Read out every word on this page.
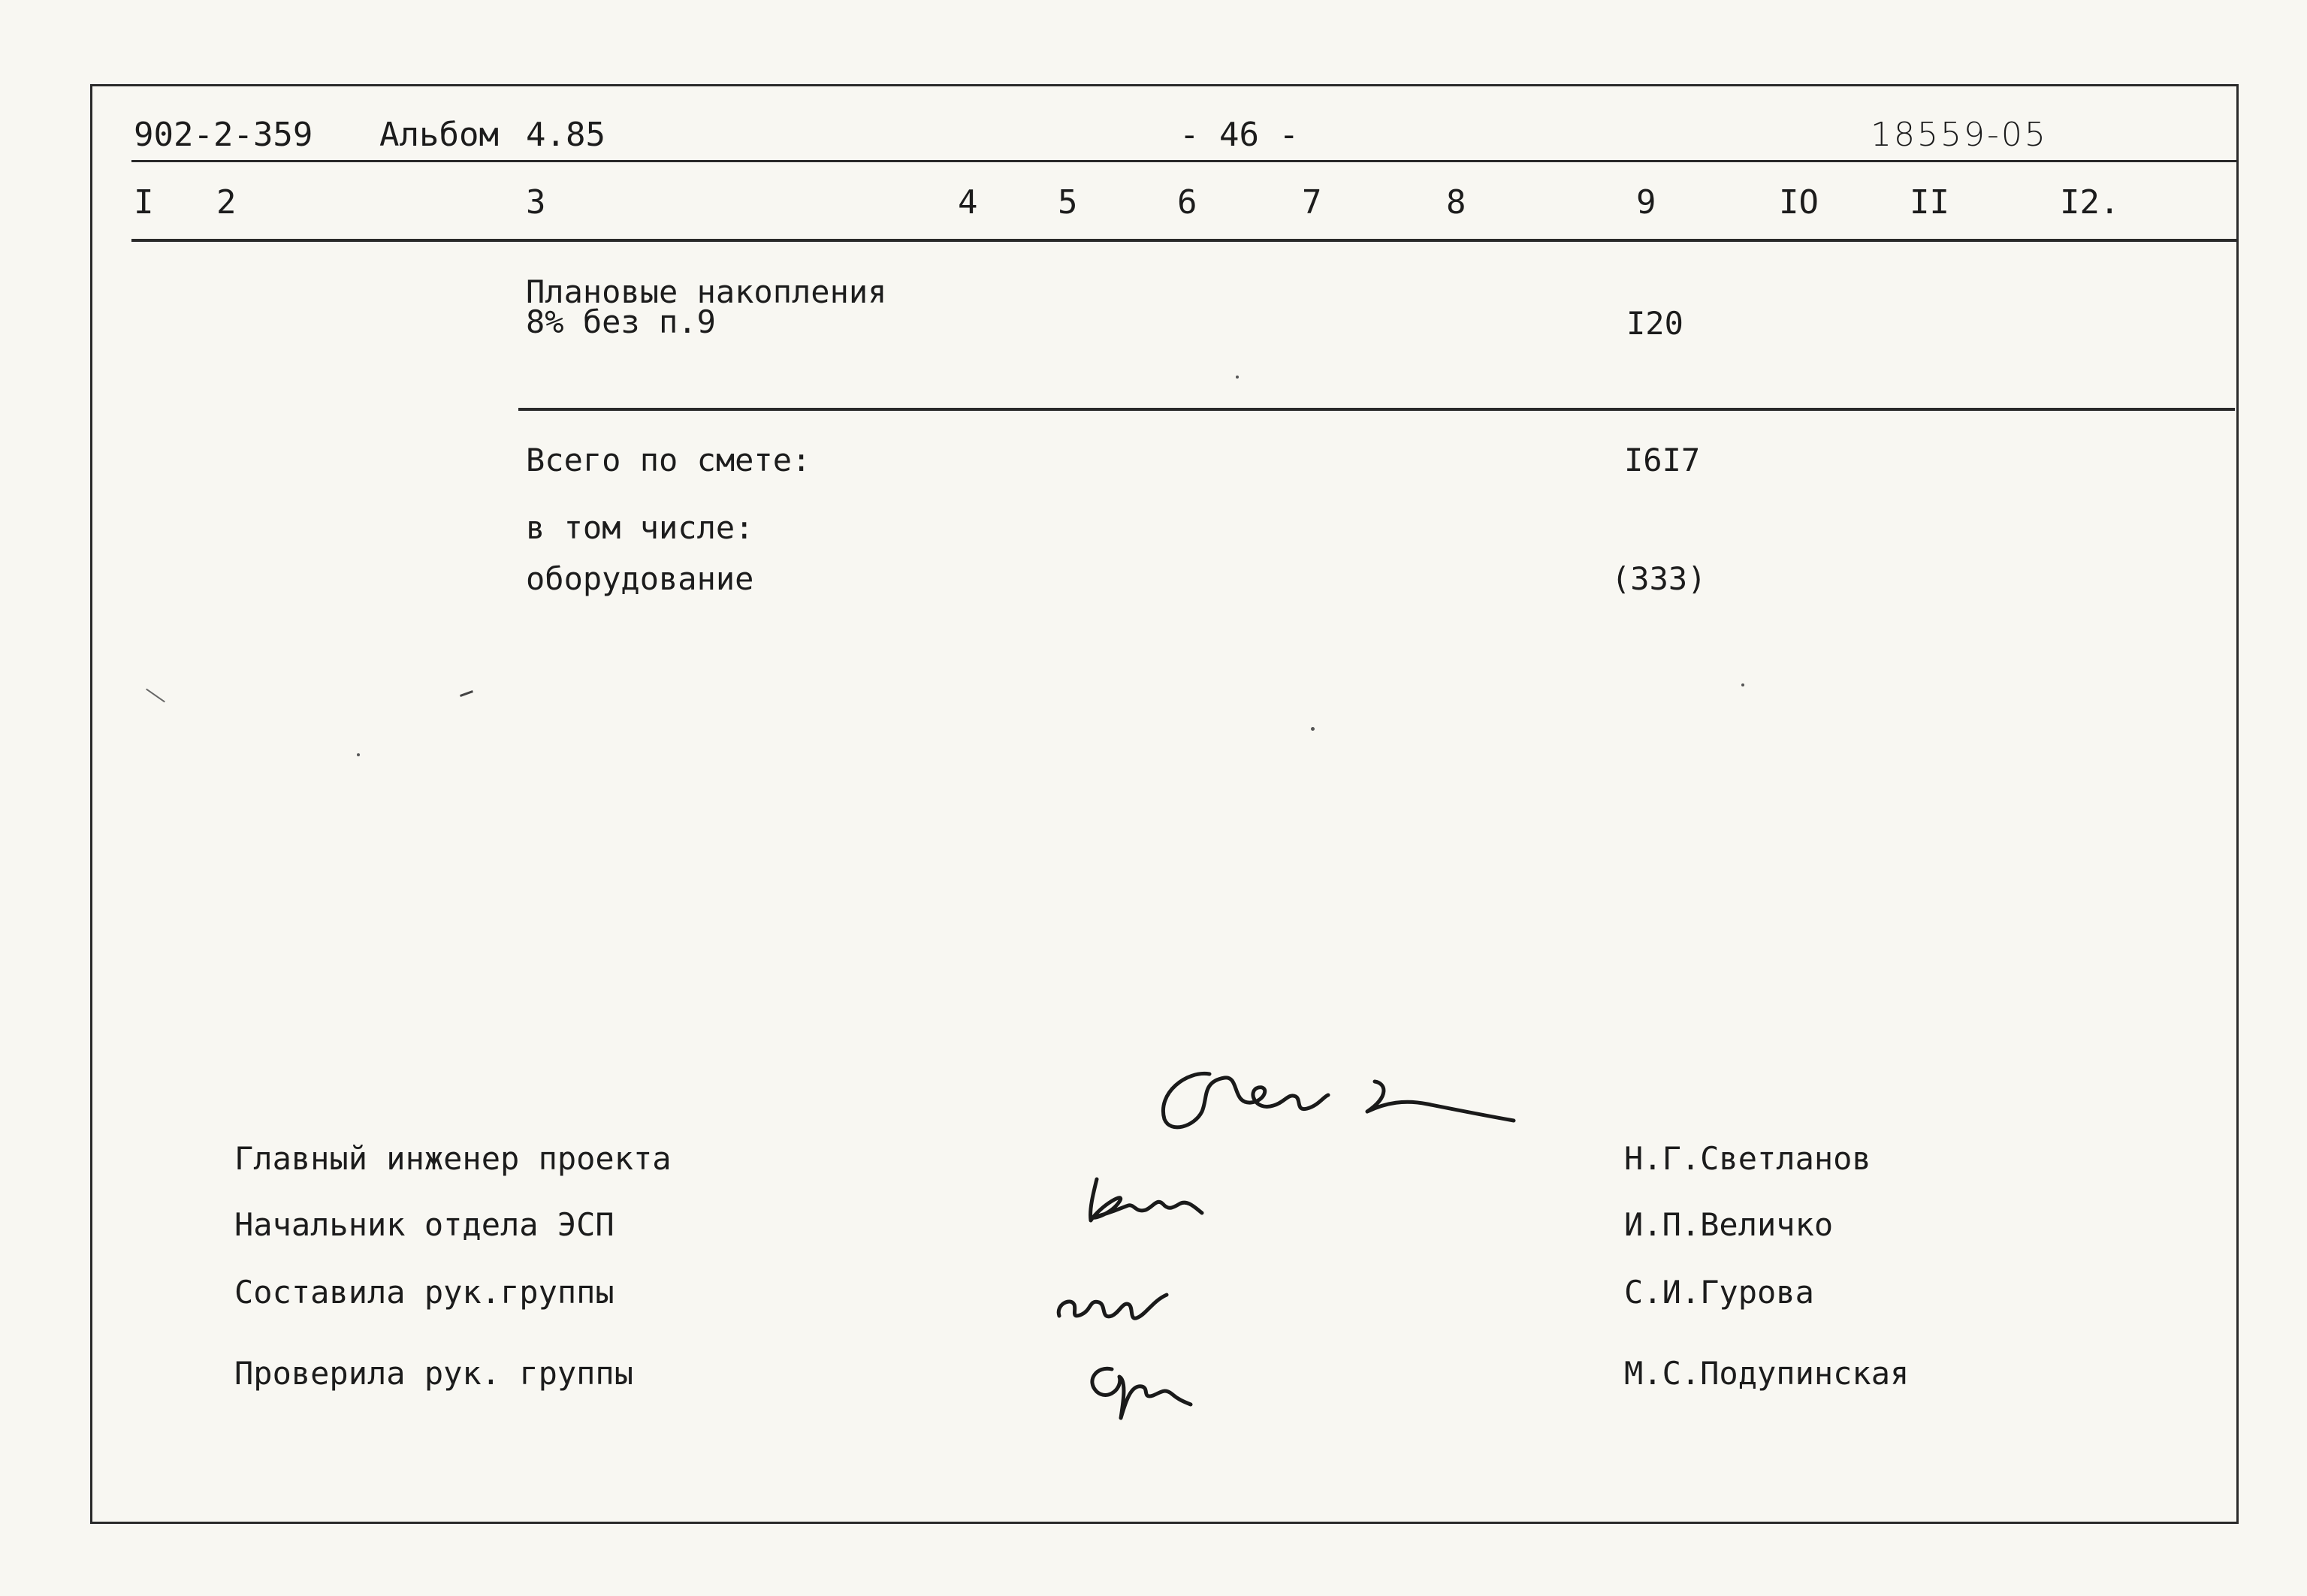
902-2-359 Альбом 4.85	- 46 -	18559-05
I 2	3	4 5	6	7	8	9	IO	II	I2.
Плановые накопления
8% без п.9	I20
Всего по смете:	I6I7
в том числе:
оборудование	(333)
Главный инженер проекта	Н.Г.Светланов
Начальник отдела ЭСП	И.П.Величко
Составила рук.группы	С.И.Гурова
Проверила рук. группы	М.С.Подупинская
